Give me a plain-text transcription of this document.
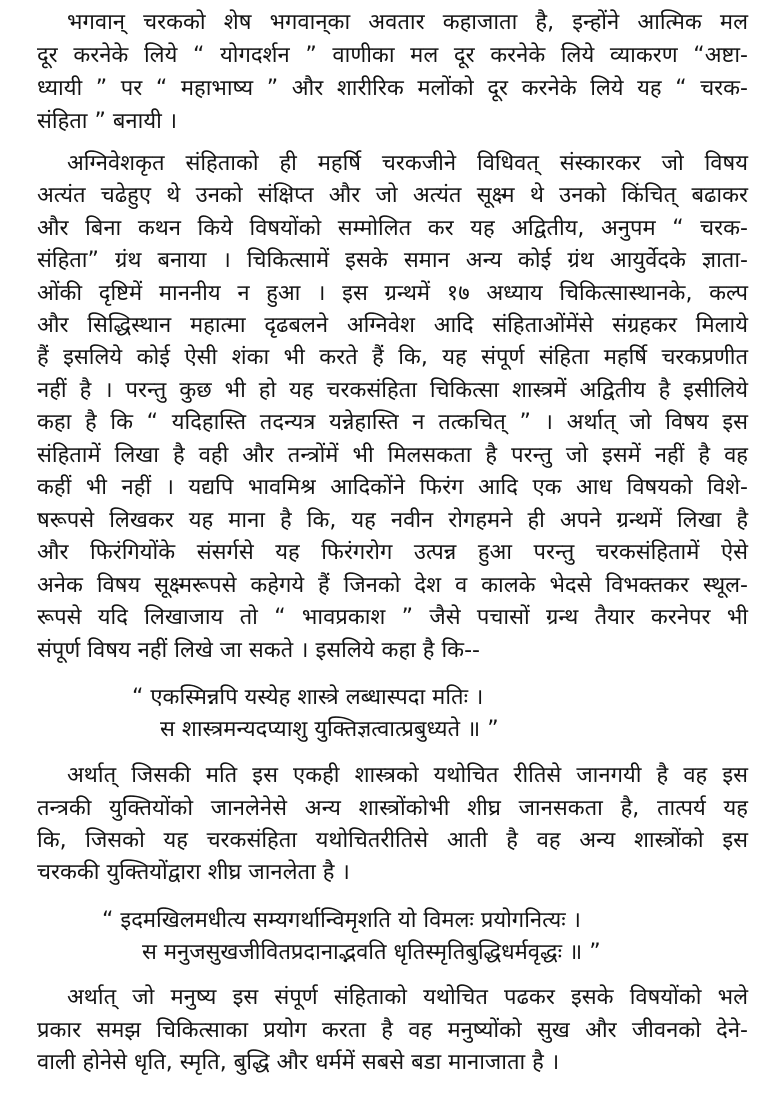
भगवान् चरकको शेष भगवान्‌का अवतार कहाजाता है, इन्होंने आत्मिक मल
दूर करनेके लिये “ योगदर्शन ” वाणीका मल दूर करनेके लिये व्याकरण “अष्टा-
ध्यायी ” पर “ महाभाष्य ” और शारीरिक मलोंको दूर करनेके लिये यह “ चरक-
संहिता ” बनायी ।
अग्निवेशकृत संहिताको ही महर्षि चरकजीने विधिवत् संस्कारकर जो विषय
अत्यंत चढेहुए थे उनको संक्षिप्त और जो अत्यंत सूक्ष्म थे उनको किंचित् बढाकर
और बिना कथन किये विषयोंको सम्मोलित कर यह अद्वितीय, अनुपम “ चरक-
संहिता” ग्रंथ बनाया । चिकित्सामें इसके समान अन्य कोई ग्रंथ आयुर्वेदके ज्ञाता-
ओंकी दृष्टिमें माननीय न हुआ । इस ग्रन्थमें १७ अध्याय चिकित्सास्थानके, कल्प
और सिद्धिस्थान महात्मा दृढबलने अग्निवेश आदि संहिताओंमेंसे संग्रहकर मिलाये
हैं इसलिये कोई ऐसी शंका भी करते हैं कि, यह संपूर्ण संहिता महर्षि चरकप्रणीत
नहीं है । परन्तु कुछ भी हो यह चरकसंहिता चिकित्सा शास्त्रमें अद्वितीय है इसीलिये
कहा है कि “ यदिहास्ति तदन्यत्र यन्नेहास्ति न तत्कचित् ” । अर्थात् जो विषय इस
संहितामें लिखा है वही और तन्त्रोंमें भी मिलसकता है परन्तु जो इसमें नहीं है वह
कहीं भी नहीं । यद्यपि भावमिश्र आदिकोंने फिरंग आदि एक आध विषयको विशे-
षरूपसे लिखकर यह माना है कि, यह नवीन रोगहमने ही अपने ग्रन्थमें लिखा है
और फिरंगियोंके संसर्गसे यह फिरंगरोग उत्पन्न हुआ परन्तु चरकसंहितामें ऐसे
अनेक विषय सूक्ष्मरूपसे कहेगये हैं जिनको देश व कालके भेदसे विभक्तकर स्थूल-
रूपसे यदि लिखाजाय तो “ भावप्रकाश ” जैसे पचासों ग्रन्थ तैयार करनेपर भी
संपूर्ण विषय नहीं लिखे जा सकते । इसलिये कहा है कि--
अर्थात् जिसकी मति इस एकही शास्त्रको यथोचित रीतिसे जानगयी है वह इस
तन्त्रकी युक्तियोंको जानलेनेसे अन्य शास्त्रोंकोभी शीघ्र जानसकता है, तात्पर्य यह
कि, जिसको यह चरकसंहिता यथोचितरीतिसे आती है वह अन्य शास्त्रोंको इस
चरककी युक्तियोंद्वारा शीघ्र जानलेता है ।
अर्थात् जो मनुष्य इस संपूर्ण संहिताको यथोचित पढकर इसके विषयोंको भले
प्रकार समझ चिकित्साका प्रयोग करता है वह मनुष्योंको सुख और जीवनको देने-
वाली होनेसे धृति, स्मृति, बुद्धि और धर्ममें सबसे बडा मानाजाता है ।
“ एकस्मिन्नपि यस्येह शास्त्रे लब्धास्पदा मतिः ।
स शास्त्रमन्यदप्याशु युक्तिज्ञत्वात्प्रबुध्यते ॥ ”
“ इदमखिलमधीत्य सम्यगर्थान्विमृशति यो विमलः प्रयोगनित्यः ।
स मनुजसुखजीवितप्रदानाद्भवति धृतिस्मृतिबुद्धिधर्मवृद्धः ॥ ”
